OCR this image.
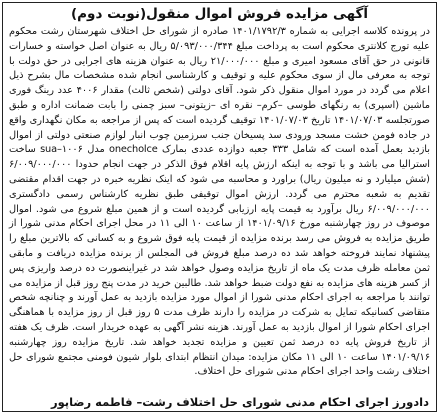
آگهی مزایده فروش اموال منقول(نوبت دوم)
در پرونده کلاسه اجرایی به شماره ۱۴۰۱/۱۷۹۲/۳ صادره از شورای حل اختلاف شهرستان رشت محکوم علیه تورج کلانتری محکوم است به پرداخت مبلغ ۵/۰۹۳/۰۰۰/۳۴۴ ریال به عنوان اصل خواسته و خسارات قانونی در حق آقای مسعود امیری و مبلغ ۲۱/۰۰۰/۰۰۰ ریال به عنوان هزینه های اجرایی در حق دولت با توجه به معرفی مال از سوی محکوم علیه و توقیف و کارشناسی انجام شده مشخصات مال بشرح ذیل اعلام می گردد در مورد اموال منقول ذکر شود. آقای دولتی (شخص ثالث) مقدار ۴۰۰۶ عدد رینگ فوری ماشین (اسپری) به رنگهای طوسی –کرم– نقره ای –زیتونی– سبز چمنی را بابت ضمانت اداره و طبق صورتجلسه ۱۴۰۱/۰۷/۰۳ تاریخ ۱۴۰۱/۰۷/۰۳ توقیف گردیده است که پس از مراجعه به مکان نگهداری واقع در جاده فومن خشت مسجد ورودی سد پسیخان جنب سرزمین چوب انبار لوازم صنعتی دولتی از اموال بازدید بعمل آمده است که شامل ۳۳۳ جعبه دوازده عددی بمارک onecholce مدل ۱۰۰۶–sua ساخت استرالیا می باشد و با توجه به اینکه ارزش پایه اقلام فوق الذکر در جهت انجام حدودا ۶/۰۰۹/۰۰۰/۰۰۰ (شش میلیارد و نه میلیون ریال) براورد و محاسبه می شود که اینک نظریه خبره در جهت اقدام مقتضی تقدیم به شعبه محترم می گردد. ارزش اموال توقیفی طبق نظریه کارشناس رسمی دادگستری ۶/۰۰۹/۰۰۰/۰۰۰ ریال برآورد به قیمت پایه ارزیابی گردیده است و از همین مبلغ شروع می شود. اموال موصوف در روز چهارشنبه مورخ ۱۴۰۱/۰۹/۱۶ از ساعت ۱۰ الی ۱۱ در محل اجرای احکام مدنی شورا از طریق مزایده به فروش می رسد برنده مزایده از قیمت پایه فوق شروع و به کسانی که بالاترین مبلغ را پیشنهاد نمایند فروخته خواهد شد ده درصد مبلغ فروش فی المجلس از برنده مزایده دریافت و مابقی ثمن معامله ظرف مدت یک ماه از تاریخ مزایده وصول خواهد شد در غیراینصورت ده درصد واریزی پس از کسر هزینه های مزایده به نفع دولت ضبط خواهد شد. طالبین خرید در مدت پنج روز قبل از مزایده می توانند با مراجعه به اجرای احکام مدنی شورا از اموال مورد مزایده بازدید به عمل آورند و چنانچه شخص متقاضی کسانیکه تمایل به شرکت در مزایده را دارند ظرف مدت ۵ روز قبل از روز مزایده با هماهنگی اجرای احکام شورا از اموال بازدید به عمل آورند. هزینه نشر آگهی به عهده خریدار است. ظرف یک هفته از تاریخ فروش پایه ده درصد ثمن تعیین و مزایده تجدید خواهد شد. تاریخ مزایده روز چهارشنبه ۱۴۰۱/۰۹/۱۶ ساعت ۱۰ الی ۱۱ مکان مزایده: میدان انتظام ابتدای بلوار شیون فومنی مجتمع شورای حل اختلاف رشت واحد اجرای احکام مدنی شورای حل اختلاف.
دادورز اجرای احکام مدنی شورای حل اختلاف رشت– فاطمه رضاپور
